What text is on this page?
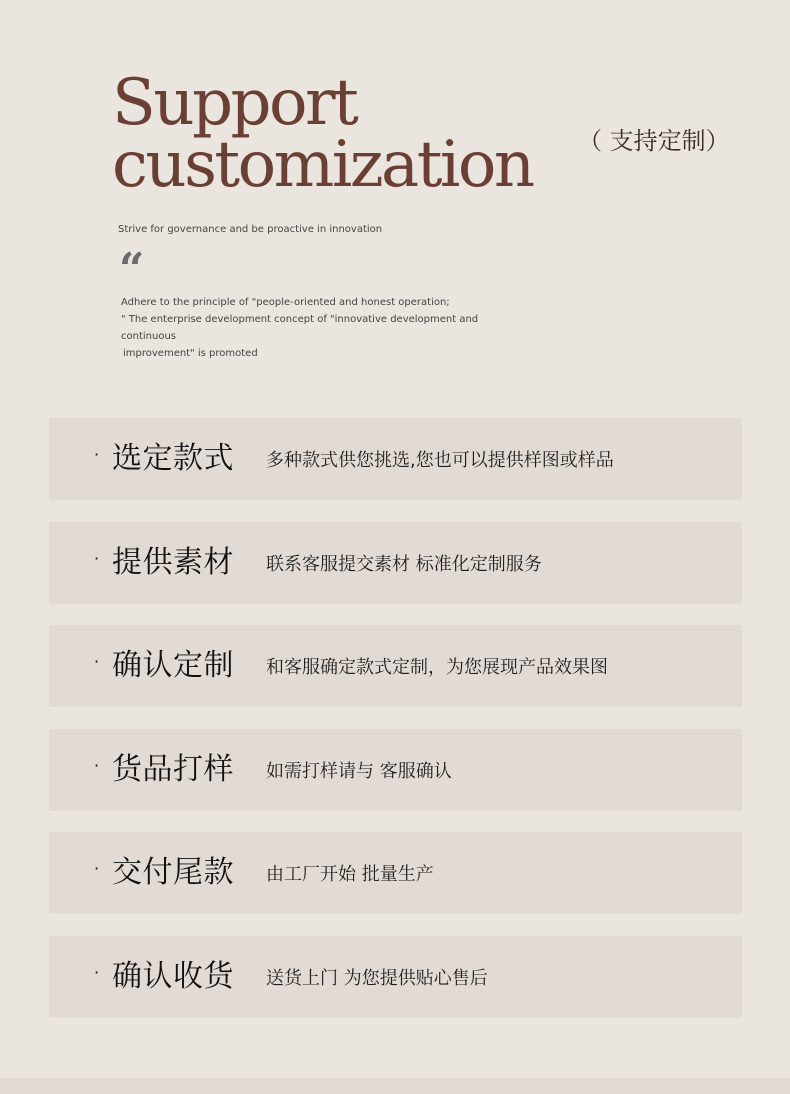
Support
customization	（ 支持定制）
Strive for governance and be proactive in innovation
“
Adhere to the principle of "people-oriented and honest operation;
" The enterprise development concept of "innovative development and continuous
improvement" is promoted
· 选定款式 多种款式供您挑选,您也可以提供样图或样品
· 提供素材 联系客服提交素材 标准化定制服务
· 确认定制 和客服确定款式定制，为您展现产品效果图
· 货品打样 如需打样请与 客服确认
· 交付尾款 由工厂开始 批量生产
· 确认收货 送货上门 为您提供贴心售后
